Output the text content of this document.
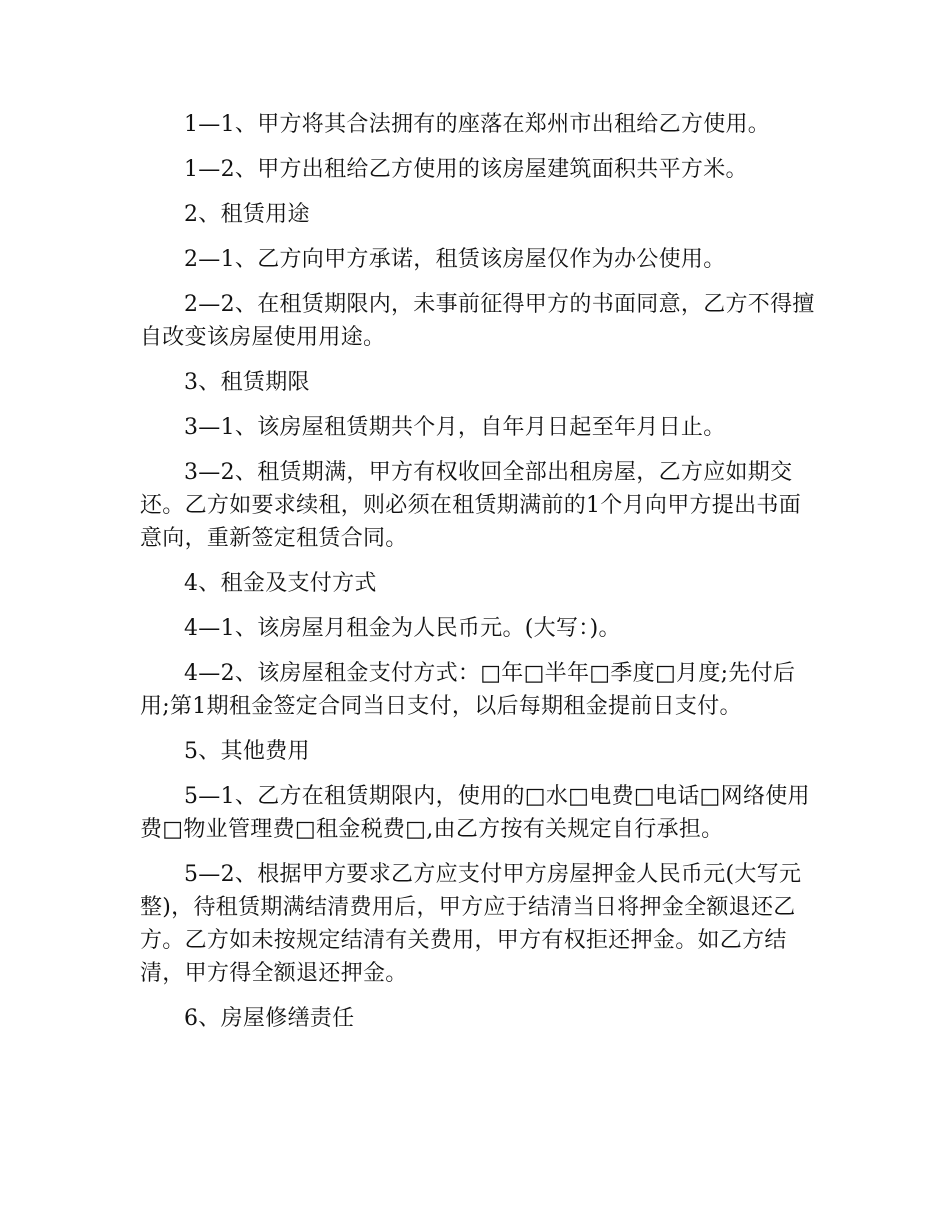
1—1、甲方将其合法拥有的座落在郑州市出租给乙方使用。

1—2、甲方出租给乙方使用的该房屋建筑面积共平方米。

2、租赁用途

2—1、乙方向甲方承诺，租赁该房屋仅作为办公使用。

2—2、在租赁期限内，未事前征得甲方的书面同意，乙方不得擅自改变该房屋使用用途。

3、租赁期限

3—1、该房屋租赁期共个月，自年月日起至年月日止。

3—2、租赁期满，甲方有权收回全部出租房屋，乙方应如期交还。乙方如要求续租，则必须在租赁期满前的1个月向甲方提出书面意向，重新签定租赁合同。

4、租金及支付方式

4—1、该房屋月租金为人民币元。(大写：)。

4—2、该房屋租金支付方式：□年□半年□季度□月度;先付后用;第1期租金签定合同当日支付，以后每期租金提前日支付。

5、其他费用

5—1、乙方在租赁期限内，使用的□水□电费□电话□网络使用费□物业管理费□租金税费□,由乙方按有关规定自行承担。

5—2、根据甲方要求乙方应支付甲方房屋押金人民币元(大写元整)，待租赁期满结清费用后，甲方应于结清当日将押金全额退还乙方。乙方如未按规定结清有关费用，甲方有权拒还押金。如乙方结清，甲方得全额退还押金。

6、房屋修缮责任
